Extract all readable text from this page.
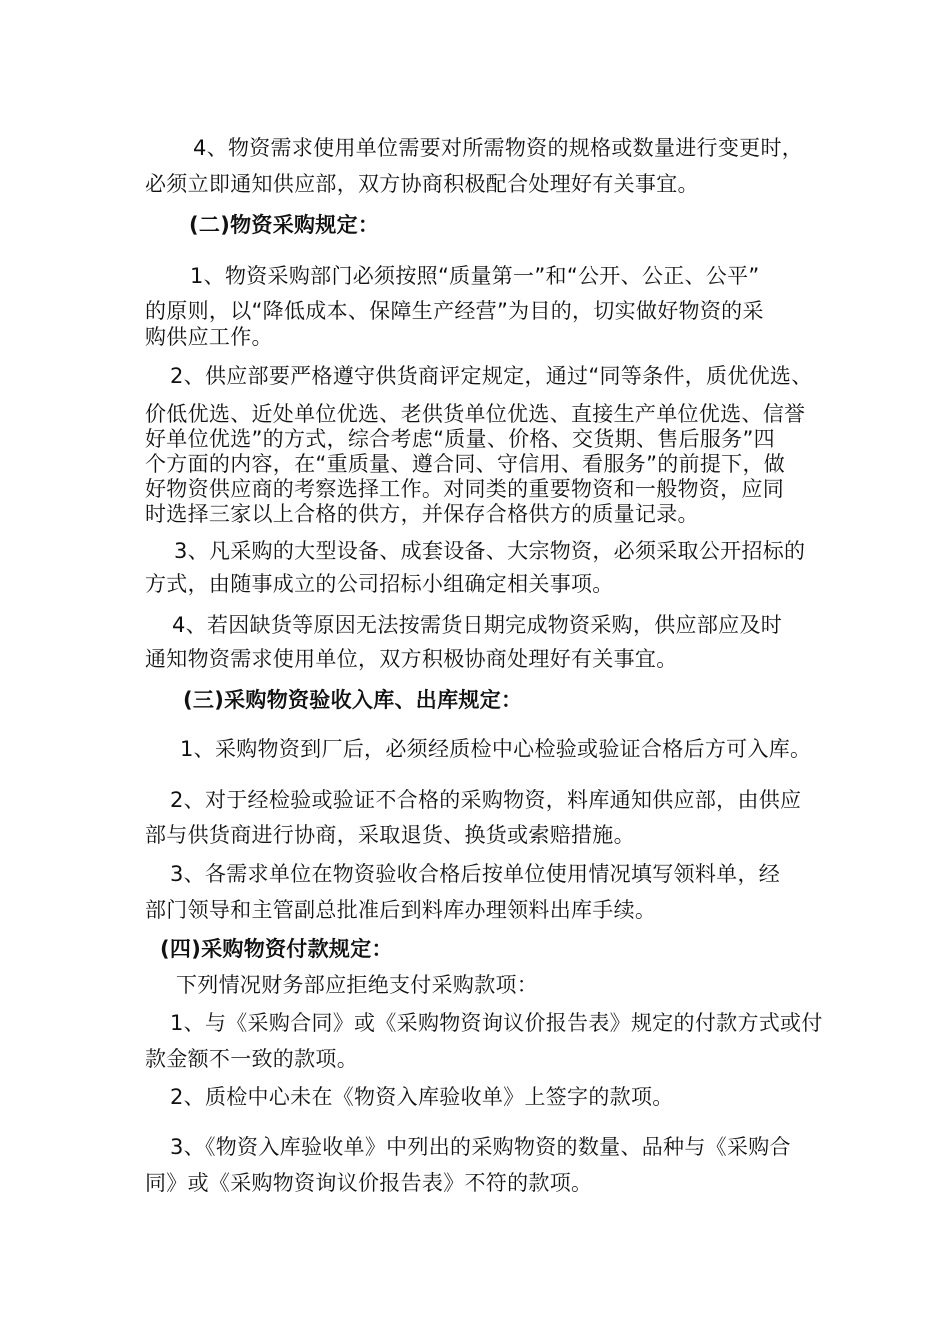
4、物资需求使用单位需要对所需物资的规格或数量进行变更时，
必须立即通知供应部，双方协商积极配合处理好有关事宜。
(二)物资采购规定：
1、物资采购部门必须按照“质量第一”和“公开、公正、公平”
的原则，以“降低成本、保障生产经营”为目的，切实做好物资的采
购供应工作。
2、供应部要严格遵守供货商评定规定，通过“同等条件，质优优选、
价低优选、近处单位优选、老供货单位优选、直接生产单位优选、信誉
好单位优选”的方式，综合考虑“质量、价格、交货期、售后服务”四
个方面的内容，在“重质量、遵合同、守信用、看服务”的前提下，做
好物资供应商的考察选择工作。对同类的重要物资和一般物资，应同
时选择三家以上合格的供方，并保存合格供方的质量记录。
3、凡采购的大型设备、成套设备、大宗物资，必须采取公开招标的
方式，由随事成立的公司招标小组确定相关事项。
4、若因缺货等原因无法按需货日期完成物资采购，供应部应及时
通知物资需求使用单位，双方积极协商处理好有关事宜。
(三)采购物资验收入库、出库规定：
1、采购物资到厂后，必须经质检中心检验或验证合格后方可入库。
2、对于经检验或验证不合格的采购物资，料库通知供应部，由供应
部与供货商进行协商，采取退货、换货或索赔措施。
3、各需求单位在物资验收合格后按单位使用情况填写领料单，经
部门领导和主管副总批准后到料库办理领料出库手续。
(四)采购物资付款规定：
下列情况财务部应拒绝支付采购款项：
1、与《采购合同》或《采购物资询议价报告表》规定的付款方式或付
款金额不一致的款项。
2、质检中心未在《物资入库验收单》上签字的款项。
3、《物资入库验收单》中列出的采购物资的数量、品种与《采购合
同》或《采购物资询议价报告表》不符的款项。
